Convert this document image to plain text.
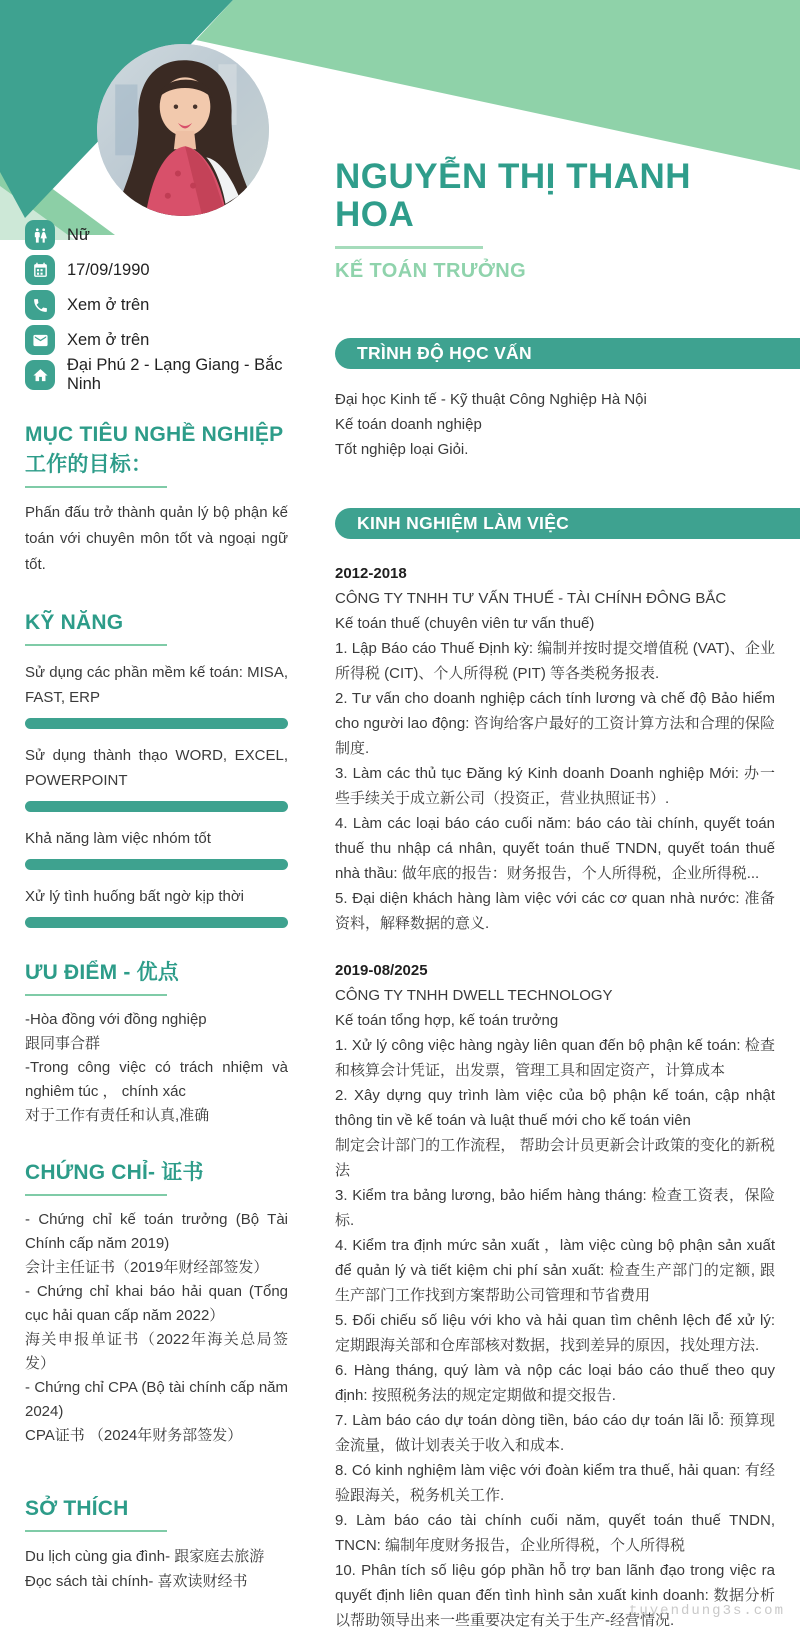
Nữ
17/09/1990
Xem ở trên
Xem ở trên
Đại Phú 2 - Lạng Giang - Bắc Ninh
MỤC TIÊU NGHỀ NGHIỆP 工作的目标：

Phấn đấu trở thành quản lý bộ phận kế toán với chuyên môn tốt và ngoại ngữ tốt.

KỸ NĂNG
Sử dụng các phần mềm kế toán: MISA, FAST, ERP
Sử dụng thành thạo WORD, EXCEL, POWERPOINT
Khả năng làm việc nhóm tốt
Xử lý tình huống bất ngờ kịp thời
ƯU ĐIỂM - 优点

-Hòa đồng với đồng nghiệp

跟同事合群

-Trong công việc có trách nhiệm và nghiêm túc ， chính xác

对于工作有责任和认真,准确

CHỨNG CHỈ- 证书

- Chứng chỉ kế toán trưởng (Bộ Tài Chính cấp năm 2019)

会计主任证书（2019年财经部签发）

- Chứng chỉ khai báo hải quan (Tổng cục hải quan cấp năm 2022）

海关申报单证书（2022年海关总局签发）

- Chứng chỉ CPA (Bộ tài chính cấp năm 2024)

CPA证书 （2024年财务部签发）

SỞ THÍCH

Du lịch cùng gia đình- 跟家庭去旅游

Đọc sách tài chính- 喜欢读财经书

NGUYỄN THỊ THANH HOA
KẾ TOÁN TRƯỞNG
TRÌNH ĐỘ HỌC VẤN

Đại học Kinh tế - Kỹ thuật Công Nghiệp Hà Nội

Kế toán doanh nghiệp

Tốt nghiệp loại Giỏi.

KINH NGHIỆM LÀM VIỆC

2012-2018

CÔNG TY TNHH TƯ VẤN THUẾ - TÀI CHÍNH ĐÔNG BẮC

Kế toán thuế (chuyên viên tư vấn thuế)

1. Lập Báo cáo Thuế Định kỳ: 编制并按时提交增值税 (VAT)、企业所得税 (CIT)、个人所得税 (PIT) 等各类税务报表.

2. Tư vấn cho doanh nghiệp cách tính lương và chế độ Bảo hiểm cho người lao động: 咨询给客户最好的工资计算方法和合理的保险制度.

3. Làm các thủ tục Đăng ký Kinh doanh Doanh nghiệp Mới: 办一些手续关于成立新公司（投资正，营业执照证书）.

4. Làm các loại báo cáo cuối năm: báo cáo tài chính, quyết toán thuế thu nhập cá nhân, quyết toán thuế TNDN, quyết toán thuế nhà thầu: 做年底的报告：财务报告，个人所得税，企业所得税...

5. Đại diện khách hàng làm việc với các cơ quan nhà nước: 准备资料，解释数据的意义.

2019-08/2025

CÔNG TY TNHH DWELL TECHNOLOGY

Kế toán tổng hợp, kế toán trưởng

1. Xử lý công việc hàng ngày liên quan đến bộ phận kế toán: 检查和核算会计凭证，出发票，管理工具和固定资产，计算成本

2. Xây dựng quy trình làm việc của bộ phận kế toán, cập nhật thông tin về kế toán và luật thuế mới cho kế toán viên

制定会计部门的工作流程， 帮助会计员更新会计政策的变化的新税法

3. Kiểm tra bảng lương, bảo hiểm hàng tháng: 检查工资表，保险标.

4. Kiểm tra định mức sản xuất ，làm việc cùng bộ phận sản xuất để quản lý và tiết kiệm chi phí sản xuất: 检查生产部门的定额, 跟生产部门工作找到方案帮助公司管理和节省费用

5. Đối chiếu số liệu với kho và hải quan tìm chênh lệch để xử lý: 定期跟海关部和仓库部核对数据，找到差异的原因，找处理方法.

6. Hàng tháng, quý làm và nộp các loại báo cáo thuế theo quy định: 按照税务法的规定定期做和提交报告.

7. Làm báo cáo dự toán dòng tiền, báo cáo dự toán lãi lỗ: 预算现金流量，做计划表关于收入和成本.

8. Có kinh nghiệm làm việc với đoàn kiểm tra thuế, hải quan: 有经验跟海关，税务机关工作.

9. Làm báo cáo tài chính cuối năm, quyết toán thuế TNDN, TNCN: 编制年度财务报告，企业所得税，个人所得税

10. Phân tích số liệu góp phần hỗ trợ ban lãnh đạo trong việc ra quyết định liên quan đến tình hình sản xuất kinh doanh: 数据分析以帮助领导出来一些重要决定有关于生产-经营情况.

tuyendung3s.com
